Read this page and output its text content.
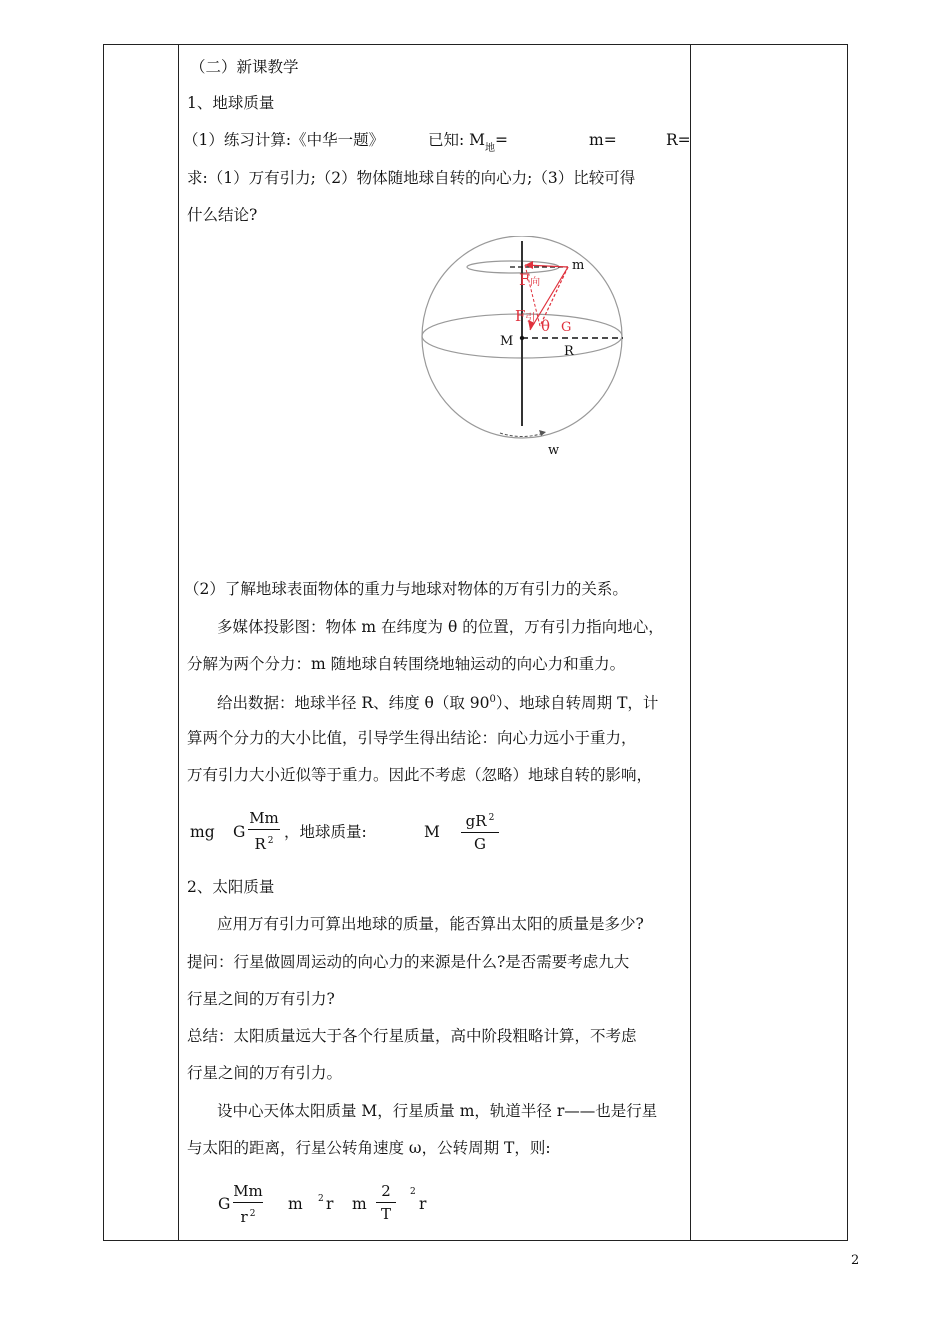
（二）新课教学
1、地球质量
（1）练习计算:《中华一题》	已知: $M_地=$	m=	R=
求:（1）万有引力;（2）物体随地球自转的向心力;（3）比较可得
什么结论?
m
F向
F引 θ G
M
R
w
（2）了解地球表面物体的重力与地球对物体的万有引力的关系。
多媒体投影图：物体 m 在纬度为 θ 的位置，万有引力指向地心，
分解为两个分力：m 随地球自转围绕地轴运动的向心力和重力。
给出数据：地球半径 R、纬度 θ（取 $90^0$）、地球自转周期 T，计
算两个分力的大小比值，引导学生得出结论：向心力远小于重力，
万有引力大小近似等于重力。因此不考虑（忽略）地球自转的影响，
mg G
Mm
R $^2$ ，地球质量:	M
gR $^2$
G
2、太阳质量
应用万有引力可算出地球的质量，能否算出太阳的质量是多少?
提问：行星做圆周运动的向心力的来源是什么?是否需要考虑九大
行星之间的万有引力?
总结：太阳质量远大于各个行星质量，高中阶段粗略计算，不考虑
行星之间的万有引力。
设中心天体太阳质量 M，行星质量 m，轨道半径 r——也是行星
与太阳的距离，行星公转角速度 ω，公转周期 T，则:
G
Mm
r $^2$
m 2 r m
2
T
2
r
2
